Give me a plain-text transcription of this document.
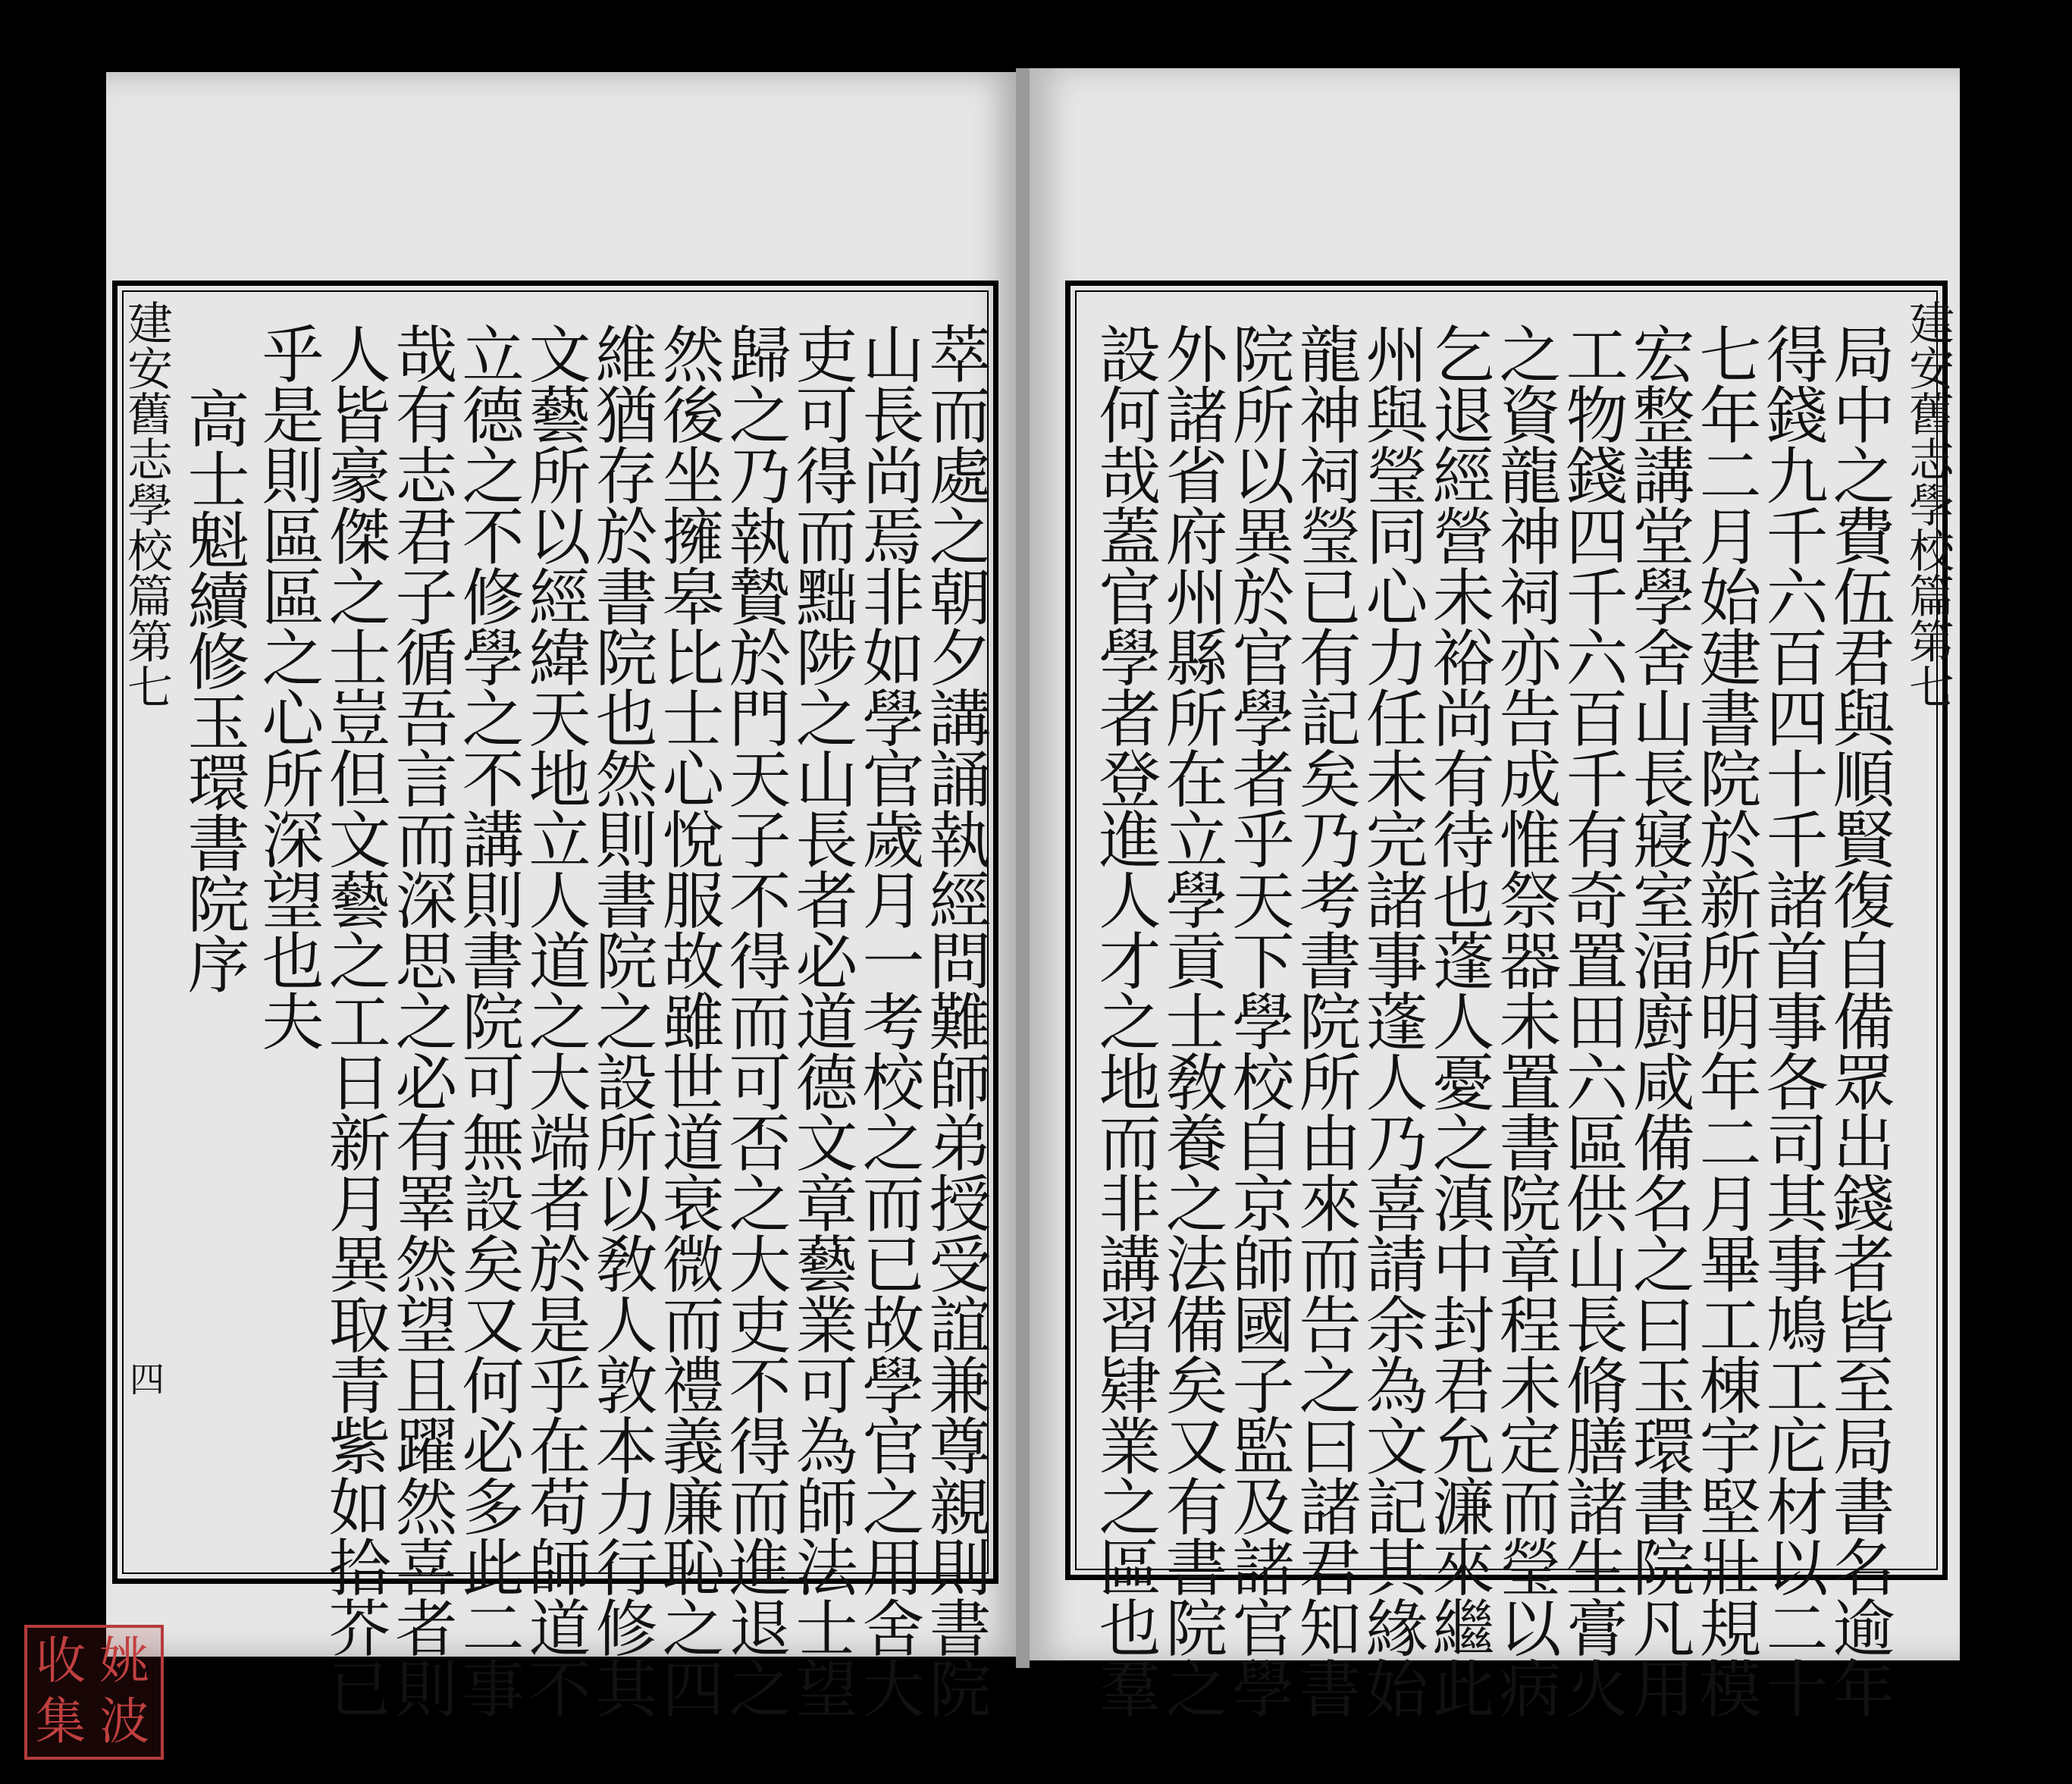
建安舊志學校篇第七
四
建安舊志學校篇第七
萃而處之朝夕講誦執經問難師弟授受誼兼尊親則書院
山長尚焉非如學官歲月一考校之而已故學官之用舍大
吏可得而黜陟之山長者必道德文章藝業可為師法士望
歸之乃執贄於門天子不得而可否之大吏不得而進退之
然後坐擁皋比士心悅服故雖世道衰微而禮義廉恥之四
維猶存於書院也然則書院之設所以敎人敦本力行修其
文藝所以經緯天地立人道之大端者於是乎在苟師道不
立德之不修學之不講則書院可無設矣又何必多此二事
哉有志君子循吾言而深思之必有睪然望且躍然喜者則
人皆豪傑之士豈但文藝之工日新月異取青紫如拾芥已
乎是則區區之心所深望也夫
高士魁續修玉環書院序	局中之費伍君與順賢復自備眾出錢者皆至局書名逾年
得錢九千六百四十千諸首事各司其事鳩工庀材以二十
七年二月始建書院於新所明年二月畢工棟宇堅壯規模
宏整講堂學舍山長寢室湢廚咸備名之曰玉環書院凡用
工物錢四千六百千有奇置田六區供山長脩膳諸生膏火
之資龍神祠亦告成惟祭器未置書院章程未定而瑩以病
乞退經營未裕尚有待也蓬人憂之滇中封君允濂來繼此
州與瑩同心力任未完諸事蓬人乃喜請余為文記其緣始
龍神祠瑩已有記矣乃考書院所由來而告之曰諸君知書
院所以異於官學者乎天下學校自京師國子監及諸官學
外諸省府州縣所在立學貢士敎養之法備矣又有書院之
設何哉蓋官學者登進人才之地而非講習肄業之區也羣
姚
波
收
集
